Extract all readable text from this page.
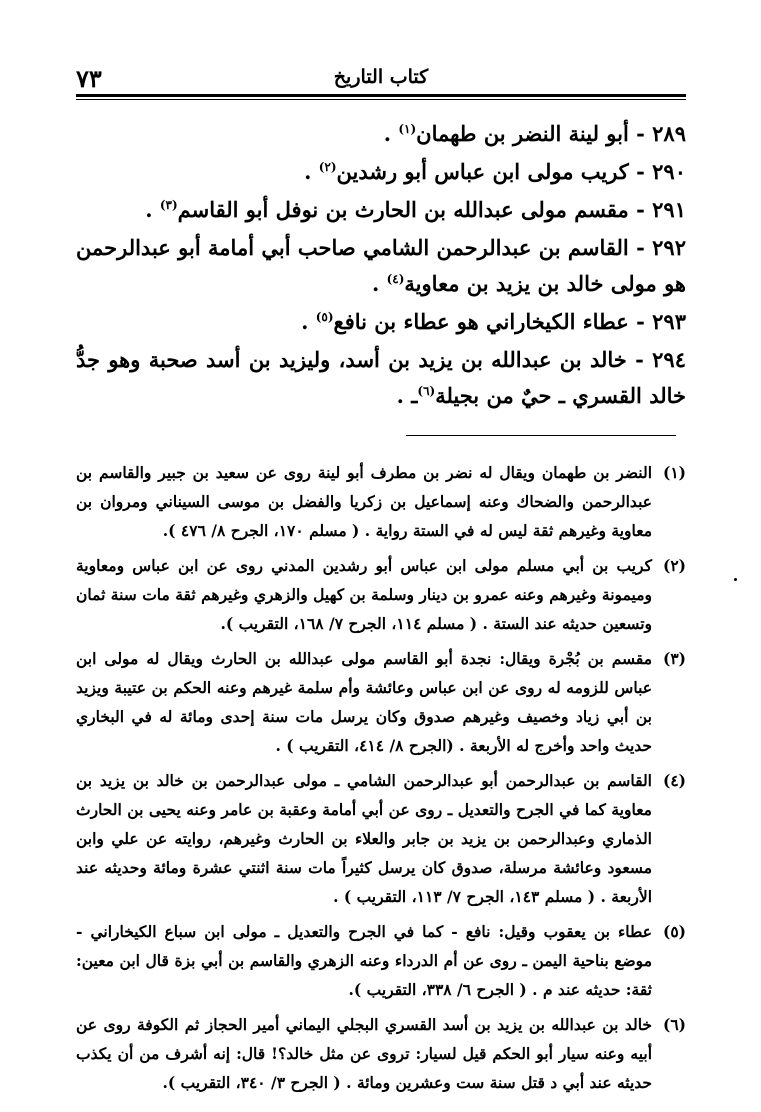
كتاب التاريخ
٧٣

٢٨٩ - أبو لينة النضر بن طهمان$^{(١)}$ .

٢٩٠ - كريب مولى ابن عباس أبو رشدين$^{(٢)}$ .

٢٩١ - مقسم مولى عبدالله بن الحارث بن نوفل أبو القاسم$^{(٣)}$ .

٢٩٢ - القاسم بن عبدالرحمن الشامي صاحب أبي أمامة أبو عبدالرحمن هو مولى خالد بن يزيد بن معاوية$^{(٤)}$ .

٢٩٣ - عطاء الكيخاراني هو عطاء بن نافع$^{(٥)}$ .

٢٩٤ - خالد بن عبدالله بن يزيد بن أسد، وليزيد بن أسد صحبة وهو جدُّ خالد القسري ـ حيٌ من بجيلة$^{(٦)}$ـ .

(١)
النضر بن طهمان ويقال له نضر بن مطرف أبو لينة روى عن سعيد بن جبير والقاسم بن عبدالرحمن والضحاك وعنه إسماعيل بن زكريا والفضل بن موسى السيناني ومروان بن معاوية وغيرهم ثقة ليس له في الستة رواية . ( مسلم ١٧٠، الجرح ٨/ ٤٧٦ ).
(٢)
كريب بن أبي مسلم مولى ابن عباس أبو رشدين المدني روى عن ابن عباس ومعاوية وميمونة وغيرهم وعنه عمرو بن دينار وسلمة بن كهيل والزهري وغيرهم ثقة مات سنة ثمان وتسعين حديثه عند الستة . ( مسلم ١١٤، الجرح ٧/ ١٦٨، التقريب ).
(٣)
مقسم بن بُجْرة ويقال: نجدة أبو القاسم مولى عبدالله بن الحارث ويقال له مولى ابن عباس للزومه له روى عن ابن عباس وعائشة وأم سلمة غيرهم وعنه الحكم بن عتيبة ويزيد بن أبي زياد وخصيف وغيرهم صدوق وكان يرسل مات سنة إحدى ومائة له في البخاري حديث واحد وأخرج له الأربعة . (الجرح ٨/ ٤١٤، التقريب ) .
(٤)
القاسم بن عبدالرحمن أبو عبدالرحمن الشامي ـ مولى عبدالرحمن بن خالد بن يزيد بن معاوية كما في الجرح والتعديل ـ روى عن أبي أمامة وعقبة بن عامر وعنه يحيى بن الحارث الذماري وعبدالرحمن بن يزيد بن جابر والعلاء بن الحارث وغيرهم، روايته عن علي وابن مسعود وعائشة مرسلة، صدوق كان يرسل كثيراً مات سنة اثنتي عشرة ومائة وحديثه عند الأربعة . ( مسلم ١٤٣، الجرح ٧/ ١١٣، التقريب ) .
(٥)
عطاء بن يعقوب وقيل: نافع - كما في الجرح والتعديل ـ مولى ابن سباع الكيخاراني - موضع بناحية اليمن ـ روى عن أم الدرداء وعنه الزهري والقاسم بن أبي بزة قال ابن معين: ثقة: حديثه عند م . ( الجرح ٦/ ٣٣٨، التقريب ).
(٦)
خالد بن عبدالله بن يزيد بن أسد القسري البجلي اليماني أمير الحجاز ثم الكوفة روى عن أبيه وعنه سيار أبو الحكم قيل لسيار: تروى عن مثل خالد؟! قال: إنه أشرف من أن يكذب حديثه عند أبي د قتل سنة ست وعشرين ومائة . ( الجرح ٣/ ٣٤٠، التقريب ).
